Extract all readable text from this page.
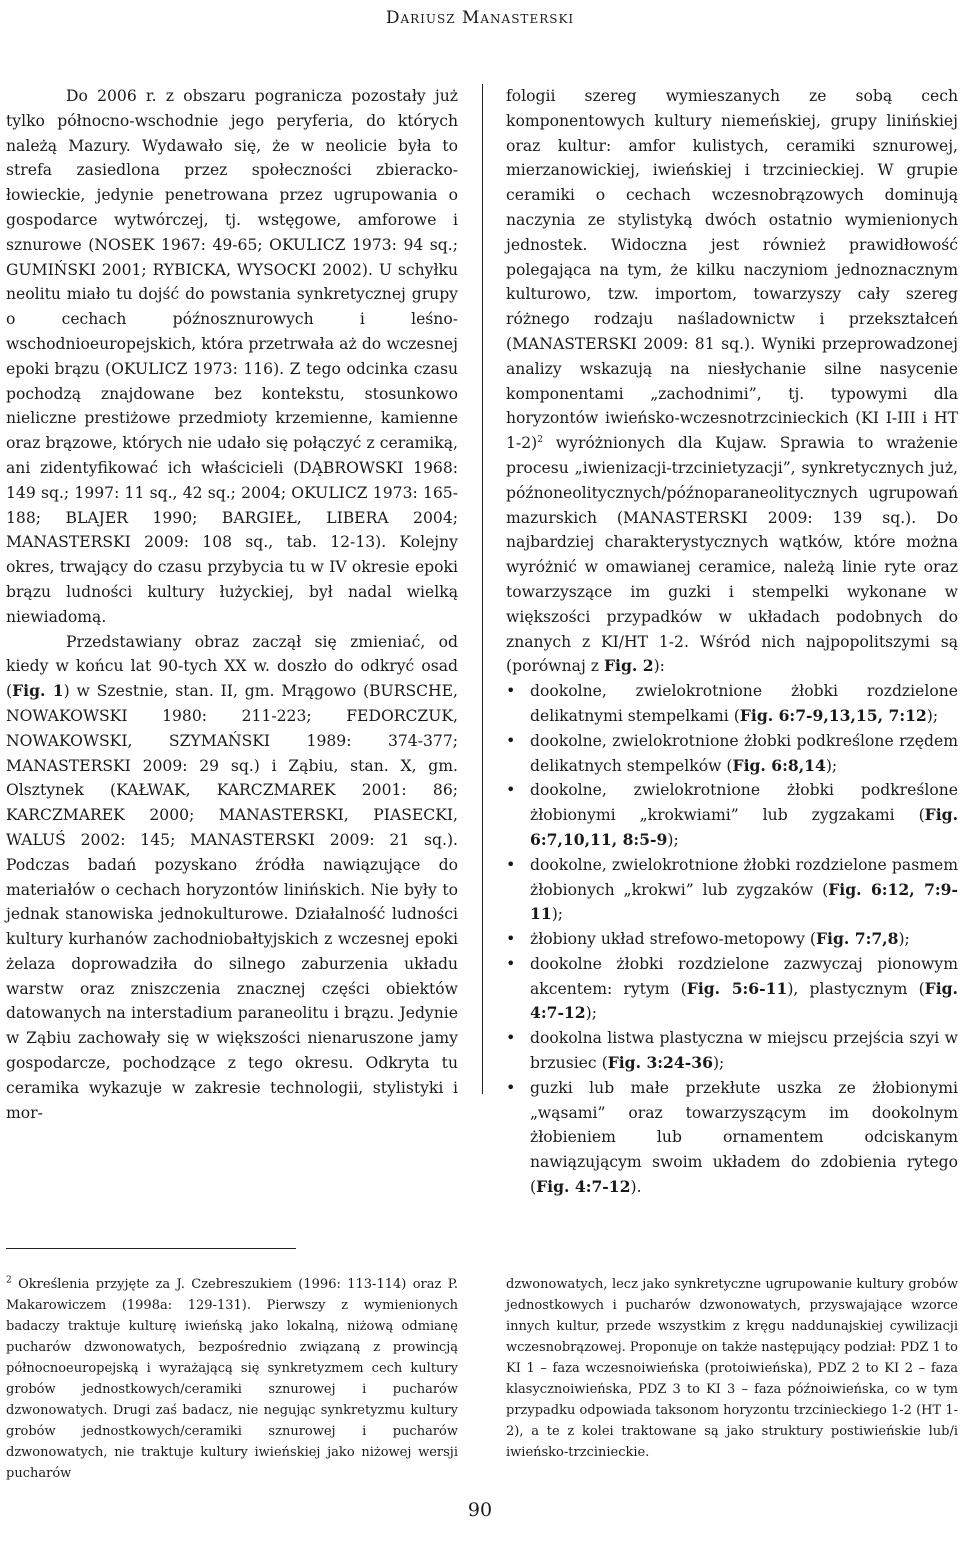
Dariusz Manasterski

Do 2006 r. z obszaru pogranicza pozostały już tylko północno-wschodnie jego peryferia, do których należą Mazury. Wydawało się, że w neolicie była to strefa zasiedlona przez społeczności zbieracko-łowieckie, jedynie penetrowana przez ugrupowania o gospodarce wytwórczej, tj. wstęgowe, amforowe i sznurowe (NOSEK 1967: 49-65; OKULICZ 1973: 94 sq.; GUMIŃSKI 2001; RYBICKA, WYSOCKI 2002). U schyłku neolitu miało tu dojść do powstania synkretycznej grupy o cechach późnosznurowych i leśno-wschodnioeuropejskich, która przetrwała aż do wczesnej epoki brązu (OKULICZ 1973: 116). Z tego odcinka czasu pochodzą znajdowane bez kontekstu, stosunkowo nieliczne prestiżowe przedmioty krzemienne, kamienne oraz brązowe, których nie udało się połączyć z ceramiką, ani zidentyfikować ich właścicieli (DĄBROWSKI 1968: 149 sq.; 1997: 11 sq., 42 sq.; 2004; OKULICZ 1973: 165-188; BLAJER 1990; BARGIEŁ, LIBERA 2004; MANASTERSKI 2009: 108 sq., tab. 12-13). Kolejny okres, trwający do czasu przybycia tu w IV okresie epoki brązu ludności kultury łużyckiej, był nadal wielką niewiadomą.

Przedstawiany obraz zaczął się zmieniać, od kiedy w końcu lat 90-tych XX w. doszło do odkryć osad (Fig. 1) w Szestnie, stan. II, gm. Mrągowo (BURSCHE, NOWAKOWSKI 1980: 211-223; FEDORCZUK, NOWAKOWSKI, SZYMAŃSKI 1989: 374-377; MANASTERSKI 2009: 29 sq.) i Ząbiu, stan. X, gm. Olsztynek (KAŁWAK, KARCZMAREK 2001: 86; KARCZMAREK 2000; MANASTERSKI, PIASECKI, WALUŚ 2002: 145; MANASTERSKI 2009: 21 sq.). Podczas badań pozyskano źródła nawiązujące do materiałów o cechach horyzontów linińskich. Nie były to jednak stanowiska jednokulturowe. Działalność ludności kultury kurhanów zachodniobałtyjskich z wczesnej epoki żelaza doprowadziła do silnego zaburzenia układu warstw oraz zniszczenia znacznej części obiektów datowanych na interstadium paraneolitu i brązu. Jedynie w Ząbiu zachowały się w większości nienaruszone jamy gospodarcze, pochodzące z tego okresu. Odkryta tu ceramika wykazuje w zakresie technologii, stylistyki i mor-

fologii szereg wymieszanych ze sobą cech komponentowych kultury niemeńskiej, grupy linińskiej oraz kultur: amfor kulistych, ceramiki sznurowej, mierzanowickiej, iwieńskiej i trzcinieckiej. W grupie ceramiki o cechach wczesnobrązowych dominują naczynia ze stylistyką dwóch ostatnio wymienionych jednostek. Widoczna jest również prawidłowość polegająca na tym, że kilku naczyniom jednoznacznym kulturowo, tzw. importom, towarzyszy cały szereg różnego rodzaju naśladownictw i przekształceń (MANASTERSKI 2009: 81 sq.). Wyniki przeprowadzonej analizy wskazują na niesłychanie silne nasycenie komponentami „zachodnimi”, tj. typowymi dla horyzontów iwieńsko-wczesnotrzcinieckich (KI I-III i HT 1-2)$^2$ wyróżnionych dla Kujaw. Sprawia to wrażenie procesu „iwienizacji-trzcinietyzacji”, synkretycznych już, późnoneolitycznych/późnoparaneolitycznych ugrupowań mazurskich (MANASTERSKI 2009: 139 sq.). Do najbardziej charakterystycznych wątków, które można wyróżnić w omawianej ceramice, należą linie ryte oraz towarzyszące im guzki i stempelki wykonane w większości przypadków w układach podobnych do znanych z KI/HT 1-2. Wśród nich najpopolitszymi są (porównaj z Fig. 2):

• dookolne, zwielokrotnione żłobki rozdzielone delikatnymi stempelkami (Fig. 6:7-9,13,15, 7:12);
• dookolne, zwielokrotnione żłobki podkreślone rzędem delikatnych stempelków (Fig. 6:8,14);
• dookolne, zwielokrotnione żłobki podkreślone żłobionymi „krokwiami” lub zygzakami (Fig. 6:7,10,11, 8:5-9);
• dookolne, zwielokrotnione żłobki rozdzielone pasmem żłobionych „krokwi” lub zygzaków (Fig. 6:12, 7:9-11);
• żłobiony układ strefowo-metopowy (Fig. 7:7,8);
• dookolne żłobki rozdzielone zazwyczaj pionowym akcentem: rytym (Fig. 5:6-11), plastycznym (Fig. 4:7-12);
• dookolna listwa plastyczna w miejscu przejścia szyi w brzusiec (Fig. 3:24-36);
• guzki lub małe przekłute uszka ze żłobionymi „wąsami” oraz towarzyszącym im dookolnym żłobieniem lub ornamentem odciskanym nawiązującym swoim układem do zdobienia rytego (Fig. 4:7-12).

$^2$ Określenia przyjęte za J. Czebreszukiem (1996: 113-114) oraz P. Makarowiczem (1998a: 129-131). Pierwszy z wymienionych badaczy traktuje kulturę iwieńską jako lokalną, niżową odmianę pucharów dzwonowatych, bezpośrednio związaną z prowincją północnoeuropejską i wyrażającą się synkretyzmem cech kultury grobów jednostkowych/ceramiki sznurowej i pucharów dzwonowatych. Drugi zaś badacz, nie negując synkretyzmu kultury grobów jednostkowych/ceramiki sznurowej i pucharów dzwonowatych, nie traktuje kultury iwieńskiej jako niżowej wersji pucharów

dzwonowatych, lecz jako synkretyczne ugrupowanie kultury grobów jednostkowych i pucharów dzwonowatych, przyswajające wzorce innych kultur, przede wszystkim z kręgu naddunajskiej cywilizacji wczesnobrązowej. Proponuje on także następujący podział: PDZ 1 to KI 1 – faza wczesnoiwieńska (protoiwieńska), PDZ 2 to KI 2 – faza klasycznoiwieńska, PDZ 3 to KI 3 – faza późnoiwieńska, co w tym przypadku odpowiada taksonom horyzontu trzcinieckiego 1-2 (HT 1-2), a te z kolei traktowane są jako struktury postiwieńskie lub/i iwieńsko-trzcinieckie.

90
